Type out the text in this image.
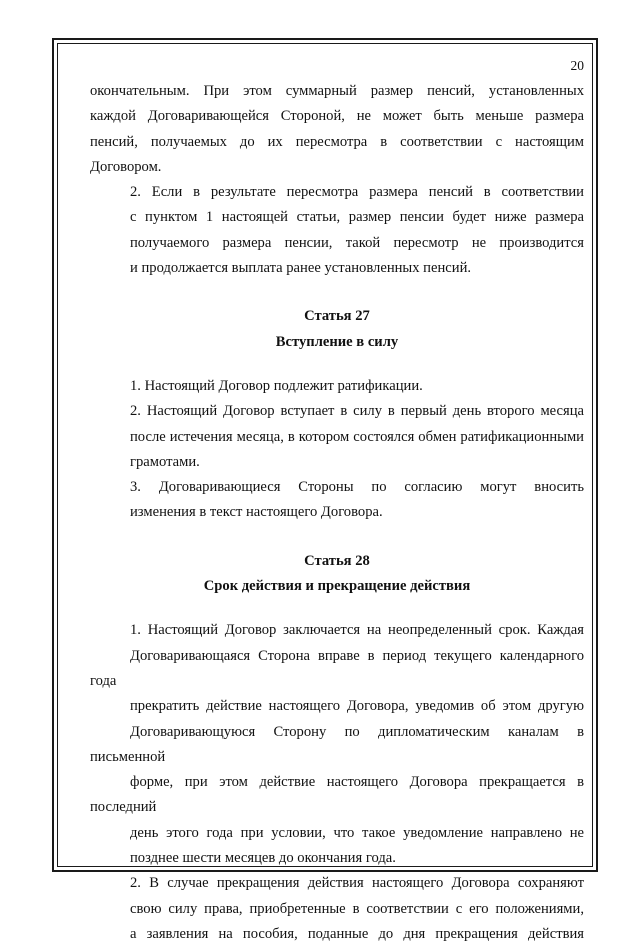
20

окончательным. При этом суммарный размер пенсий, установленных
каждой Договаривающейся Стороной, не может быть меньше размера
пенсий, получаемых до их пересмотра в соответствии с настоящим
Договором.

2. Если в результате пересмотра размера пенсий в соответствии
с пунктом 1 настоящей статьи, размер пенсии будет ниже размера
получаемого размера пенсии, такой пересмотр не производится
и продолжается выплата ранее установленных пенсий.

Статья 27
Вступление в силу

1. Настоящий Договор подлежит ратификации.

2. Настоящий Договор вступает в силу в первый день второго месяца
после истечения месяца, в котором состоялся обмен ратификационными
грамотами.

3. Договаривающиеся Стороны по согласию могут вносить
изменения в текст настоящего Договора.

Статья 28
Срок действия и прекращение действия

1. Настоящий Договор заключается на неопределенный срок. Каждая
Договаривающаяся Сторона вправе в период текущего календарного года
прекратить действие настоящего Договора, уведомив об этом другую
Договаривающуюся Сторону по дипломатическим каналам в письменной
форме, при этом действие настоящего Договора прекращается в последний
день этого года при условии, что такое уведомление направлено не
позднее шести месяцев до окончания года.

2. В случае прекращения действия настоящего Договора сохраняют
свою силу права, приобретенные в соответствии с его положениями,
а заявления на пособия, поданные до дня прекращения действия
